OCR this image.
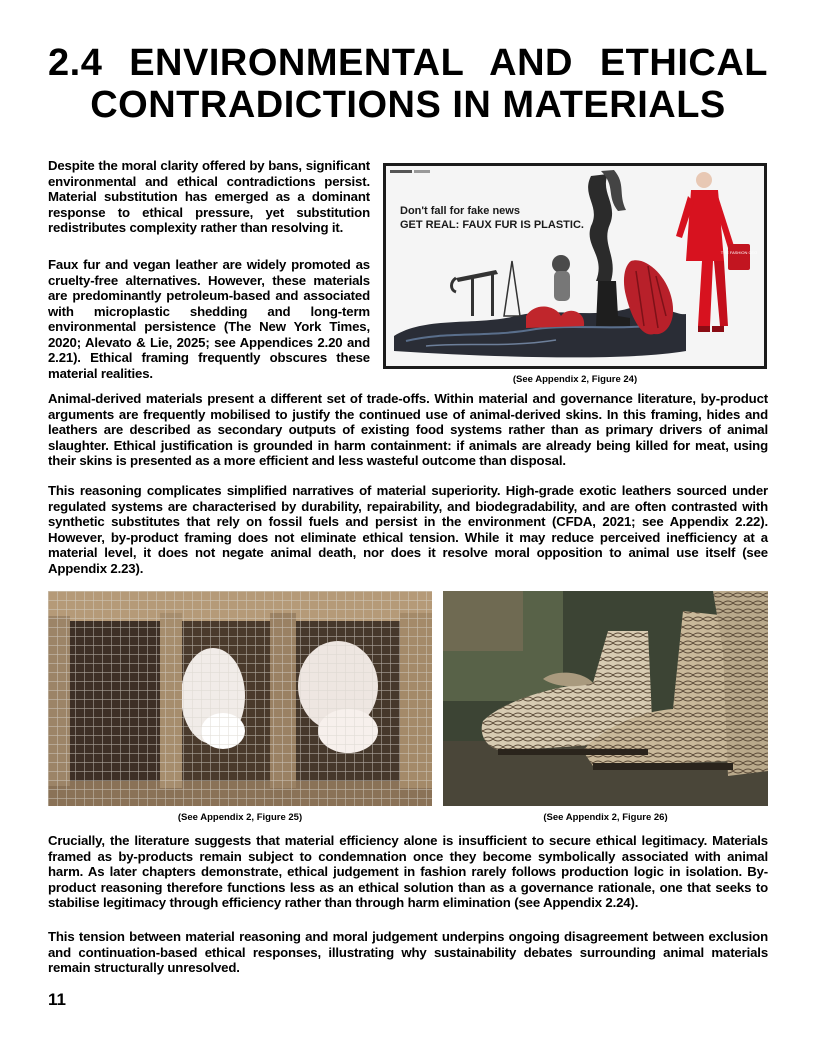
2.4 ENVIRONMENTAL AND ETHICAL CONTRADICTIONS IN MATERIALS

Despite the moral clarity offered by bans, significant environmental and ethical contradictions persist. Material substitution has emerged as a dominant response to ethical pressure, yet substitution redistributes complexity rather than resolving it.

Faux fur and vegan leather are widely promoted as cruelty-free alternatives. However, these materials are predominantly petroleum-based and associated with microplastic shedding and long-term environmental persistence (The New York Times, 2020; Alevato & Lie, 2025; see Appendices 2.20 and 2.21). Ethical framing frequently obscures these material realities.

THE FASHION CEO
Don't fall for fake news
GET REAL: FAUX FUR IS PLASTIC.
(See Appendix 2, Figure 24)

Animal-derived materials present a different set of trade-offs. Within material and governance literature, by-product arguments are frequently mobilised to justify the continued use of animal-derived skins. In this framing, hides and leathers are described as secondary outputs of existing food systems rather than as primary drivers of animal slaughter. Ethical justification is grounded in harm containment: if animals are already being killed for meat, using their skins is presented as a more efficient and less wasteful outcome than disposal.

This reasoning complicates simplified narratives of material superiority. High-grade exotic leathers sourced under regulated systems are characterised by durability, repairability, and biodegradability, and are often contrasted with synthetic substitutes that rely on fossil fuels and persist in the environment (CFDA, 2021; see Appendix 2.22). However, by-product framing does not eliminate ethical tension. While it may reduce perceived inefficiency at a material level, it does not negate animal death, nor does it resolve moral opposition to animal use itself (see Appendix 2.23).

(See Appendix 2, Figure 25)	(See Appendix 2, Figure 26)

Crucially, the literature suggests that material efficiency alone is insufficient to secure ethical legitimacy. Materials framed as by-products remain subject to condemnation once they become symbolically associated with animal harm. As later chapters demonstrate, ethical judgement in fashion rarely follows production logic in isolation. By-product reasoning therefore functions less as an ethical solution than as a governance rationale, one that seeks to stabilise legitimacy through efficiency rather than through harm elimination (see Appendix 2.24).

This tension between material reasoning and moral judgement underpins ongoing disagreement between exclusion and continuation-based ethical responses, illustrating why sustainability debates surrounding animal materials remain structurally unresolved.

11
